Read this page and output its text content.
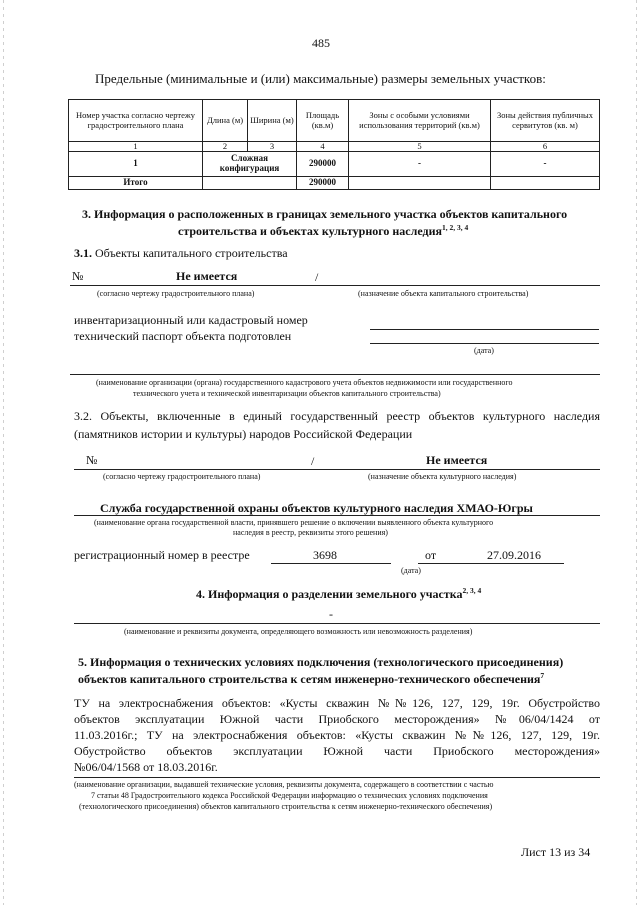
485
Предельные (минимальные и (или) максимальные) размеры земельных участков:
Номер участка согласно чертежу градостроительного плана	Длина (м)	Ширина (м)	Площадь (кв.м)	Зоны с особыми условиями использования территорий (кв.м)	Зоны действия публичных сервитутов (кв. м)
1	2	3	4	5	6
1	Сложная конфигурация		290000	-	-
Итого			290000		
3. Информация о расположенных в границах земельного участка объектов капитального
строительства и объектах культурного наследия$^{1, 2, 3, 4}$
3.1. Объекты капитального строительства
№	Не имеется	/
(согласно чертежу градостроительного плана)	(назначение объекта капитального строительства)
инвентаризационный или кадастровый номер
технический паспорт объекта подготовлен
(дата)
(наименование организации (органа) государственного кадастрового учета объектов недвижимости или государственного
технического учета и технической инвентаризации объектов капитального строительства)
3.2. Объекты, включенные в единый государственный реестр объектов культурного наследия
(памятников истории и культуры) народов Российской Федерации
№	/	Не имеется
(согласно чертежу градостроительного плана)	(назначение объекта культурного наследия)
Служба государственной охраны объектов культурного наследия ХМАО-Югры
(наименование органа государственной власти, принявшего решение о включении выявленного объекта культурного
наследия в реестр, реквизиты этого решения)
регистрационный номер в реестре	3698	от	27.09.2016
(дата)
4. Информация о разделении земельного участка$^{2, 3, 4}$
-
(наименование и реквизиты документа, определяющего возможность или невозможность разделения)
5. Информация о технических условиях подключения (технологического присоединения)
объектов капитального строительства к сетям инженерно-технического обеспечения$^7$
ТУ на электроснабжения объектов: «Кусты скважин №№126, 127, 129, 19г. Обустройство
объектов эксплуатации Южной части Приобского месторождения» №06/04/1424 от
11.03.2016г.; ТУ на электроснабжения объектов: «Кусты скважин №№126, 127, 129, 19г.
Обустройство объектов эксплуатации Южной части Приобского месторождения»
№06/04/1568 от 18.03.2016г.
(наименование организации, выдавшей технические условия, реквизиты документа, содержащего в соответствии с частью
7 статьи 48 Градостроительного кодекса Российской Федерации информацию о технических условиях подключения
(технологического присоединения) объектов капитального строительства к сетям инженерно-технического обеспечения)
Лист 13 из 34
